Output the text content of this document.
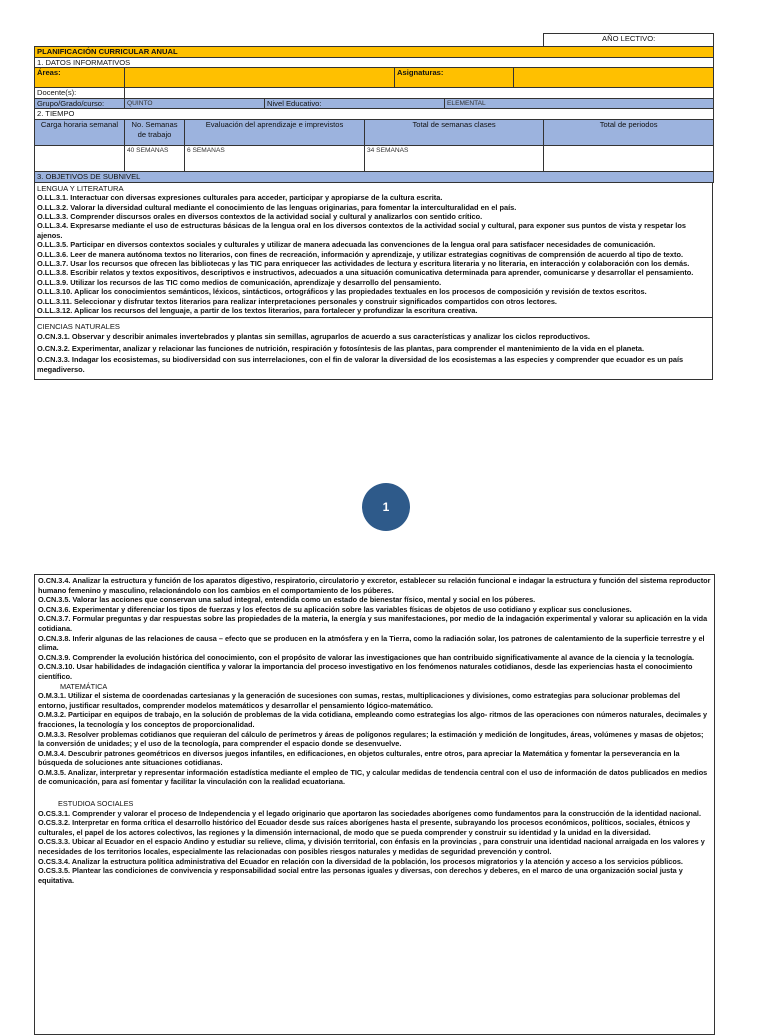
								AÑO LECTIVO:
PLANIFICACIÓN CURRICULAR ANUAL								
1. DATOS INFORMATIVOS								
Áreas:					Asignaturas:			
Docente(s):								
Grupo/Grado/curso:	QUINTO		Nivel Educativo:			ELEMENTAL		
2. TIEMPO								
Carga horaria semanal	No. Semanas de trabajo	Evaluación del aprendizaje e imprevistos		Total de semanas clases				Total de periodos
	40 SEMANAS	6 SEMANAS		34 SEMANAS				
3. OBJETIVOS DE SUBNIVEL								
LENGUA Y LITERATURA

O.LL.3.1. Interactuar con diversas expresiones culturales para acceder, participar y apropiarse de la cultura escrita.

O.LL.3.2. Valorar la diversidad cultural mediante el conocimiento de las lenguas originarias, para fomentar la interculturalidad en el país.

O.LL.3.3. Comprender discursos orales en diversos contextos de la actividad social y cultural y analizarlos con sentido crítico.

O.LL.3.4. Expresarse mediante el uso de estructuras básicas de la lengua oral en los diversos contextos de la actividad social y cultural, para exponer sus puntos de vista y respetar los ajenos.

O.LL.3.5. Participar en diversos contextos sociales y culturales y utilizar de manera adecuada las convenciones de la lengua oral para satisfacer necesidades de comunicación.

O.LL.3.6. Leer de manera autónoma textos no literarios, con fines de recreación, información y aprendizaje, y utilizar estrategias cognitivas de comprensión de acuerdo al tipo de texto.

O.LL.3.7. Usar los recursos que ofrecen las bibliotecas y las TIC para enriquecer las actividades de lectura y escritura literaria y no literaria, en interacción y colaboración con los demás.

O.LL.3.8. Escribir relatos y textos expositivos, descriptivos e instructivos, adecuados a una situación comunicativa determinada para aprender, comunicarse y desarrollar el pensamiento.

O.LL.3.9. Utilizar los recursos de las TIC como medios de comunicación, aprendizaje y desarrollo del pensamiento.

O.LL.3.10. Aplicar los conocimientos semánticos, léxicos, sintácticos, ortográficos y las propiedades textuales en los procesos de composición y revisión de textos escritos.

O.LL.3.11. Seleccionar y disfrutar textos literarios para realizar interpretaciones personales y construir significados compartidos con otros lectores.

O.LL.3.12. Aplicar los recursos del lenguaje, a partir de los textos literarios, para fortalecer y profundizar la escritura creativa.

CIENCIAS NATURALES

O.CN.3.1. Observar y describir animales invertebrados y plantas sin semillas, agruparlos de acuerdo a sus características y analizar los ciclos reproductivos.

O.CN.3.2. Experimentar, analizar y relacionar las funciones de nutrición, respiración y fotosíntesis de las plantas, para comprender el mantenimiento de la vida en el planeta.

O.CN.3.3. Indagar los ecosistemas, su biodiversidad con sus interrelaciones, con el fin de valorar la diversidad de los ecosistemas a las especies y comprender que ecuador es un país megadiverso.

1

O.CN.3.4. Analizar la estructura y función de los aparatos digestivo, respiratorio, circulatorio y excretor, establecer su relación funcional e indagar la estructura y función del sistema reproductor humano femenino y masculino, relacionándolo con los cambios en el comportamiento de los púberes.

O.CN.3.5. Valorar las acciones que conservan una salud integral, entendida como un estado de bienestar físico, mental y social en los púberes.

O.CN.3.6. Experimentar y diferenciar los tipos de fuerzas y los efectos de su aplicación sobre las variables físicas de objetos de uso cotidiano y explicar sus conclusiones.

O.CN.3.7. Formular preguntas y dar respuestas sobre las propiedades de la materia, la energía y sus manifestaciones, por medio de la indagación experimental y valorar su aplicación en la vida cotidiana.

O.CN.3.8. Inferir algunas de las relaciones de causa – efecto que se producen en la atmósfera y en la Tierra, como la radiación solar, los patrones de calentamiento de la superficie terrestre y el clima.

O.CN.3.9. Comprender la evolución histórica del conocimiento, con el propósito de valorar las investigaciones que han contribuido significativamente al avance de la ciencia y la tecnología.

O.CN.3.10. Usar habilidades de indagación científica y valorar la importancia del proceso investigativo en los fenómenos naturales cotidianos, desde las experiencias hasta el conocimiento científico.

MATEMÁTICA

O.M.3.1. Utilizar el sistema de coordenadas cartesianas y la generación de sucesiones con sumas, restas, multiplicaciones y divisiones, como estrategias para solucionar problemas del entorno, justificar resultados, comprender modelos matemáticos y desarrollar el pensamiento lógico-matemático.

O.M.3.2. Participar en equipos de trabajo, en la solución de problemas de la vida cotidiana, empleando como estrategias los algo- ritmos de las operaciones con números naturales, decimales y fracciones, la tecnología y los conceptos de proporcionalidad.

O.M.3.3. Resolver problemas cotidianos que requieran del cálculo de perímetros y áreas de polígonos regulares; la estimación y medición de longitudes, áreas, volúmenes y masas de objetos; la conversión de unidades; y el uso de la tecnología, para comprender el espacio donde se desenvuelve.

O.M.3.4. Descubrir patrones geométricos en diversos juegos infantiles, en edificaciones, en objetos culturales, entre otros, para apreciar la Matemática y fomentar la perseverancia en la búsqueda de soluciones ante situaciones cotidianas.

O.M.3.5. Analizar, interpretar y representar información estadística mediante el empleo de TIC, y calcular medidas de tendencia central con el uso de información de datos publicados en medios de comunicación, para así fomentar y facilitar la vinculación con la realidad ecuatoriana.

ESTUDIOA SOCIALES

O.CS.3.1. Comprender y valorar el proceso de Independencia y el legado originario que aportaron las sociedades aborígenes como fundamentos para la construcción de la identidad nacional.

O.CS.3.2. Interpretar en forma crítica el desarrollo histórico del Ecuador desde sus raíces aborígenes hasta el presente, subrayando los procesos económicos, políticos, sociales, étnicos y culturales, el papel de los actores colectivos, las regiones y la dimensión internacional, de modo que se pueda comprender y construir su identidad y la unidad en la diversidad.

O.CS.3.3. Ubicar al Ecuador en el espacio Andino y estudiar su relieve, clima, y división territorial, con énfasis en la provincias , para construir una identidad nacional arraigada en los valores y necesidades de los territorios locales, especialmente las relacionadas con posibles riesgos naturales y medidas de seguridad prevención y control.

O.CS.3.4. Analizar la estructura política administrativa del Ecuador en relación con la diversidad de la población, los procesos migratorios y la atención y acceso a los servicios públicos.

O.CS.3.5. Plantear las condiciones de convivencia y responsabilidad social entre las personas iguales y diversas, con derechos y deberes, en el marco de una organización social justa y equitativa.
